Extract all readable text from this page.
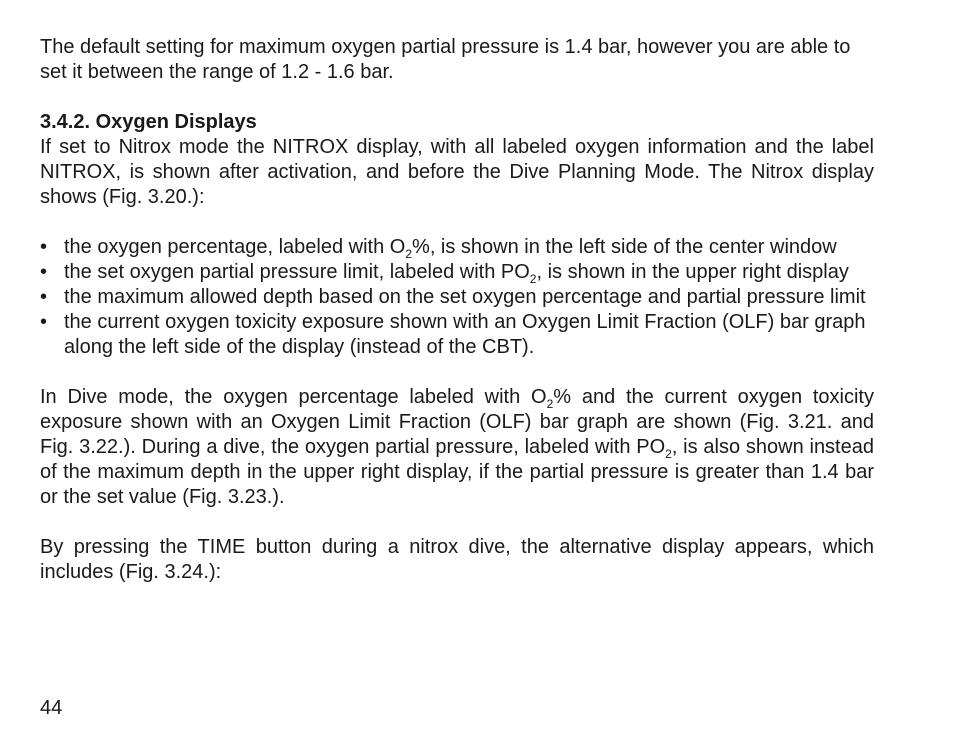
The default setting for maximum oxygen partial pressure is 1.4 bar, however you are able to set it between the range of 1.2 - 1.6 bar.

3.4.2. Oxygen Displays

If set to Nitrox mode the NITROX display, with all labeled oxygen information and the label NITROX, is shown after activation, and before the Dive Planning Mode. The Nitrox display shows (Fig. 3.20.):

• the oxygen percentage, labeled with $O_2\%$, is shown in the left side of the center window
• the set oxygen partial pressure limit, labeled with $PO_2$, is shown in the upper right display
• the maximum allowed depth based on the set oxygen percentage and partial pressure limit
• the current oxygen toxicity exposure shown with an Oxygen Limit Fraction (OLF) bar graph along the left side of the display (instead of the CBT).

In Dive mode, the oxygen percentage labeled with $O_2\%$ and the current oxygen toxicity exposure shown with an Oxygen Limit Fraction (OLF) bar graph are shown (Fig. 3.21. and Fig. 3.22.). During a dive, the oxygen partial pressure, labeled with $PO_2$, is also shown instead of the maximum depth in the upper right display, if the partial pressure is greater than 1.4 bar or the set value (Fig. 3.23.).

By pressing the TIME button during a nitrox dive, the alternative display appears, which includes (Fig. 3.24.):

44
